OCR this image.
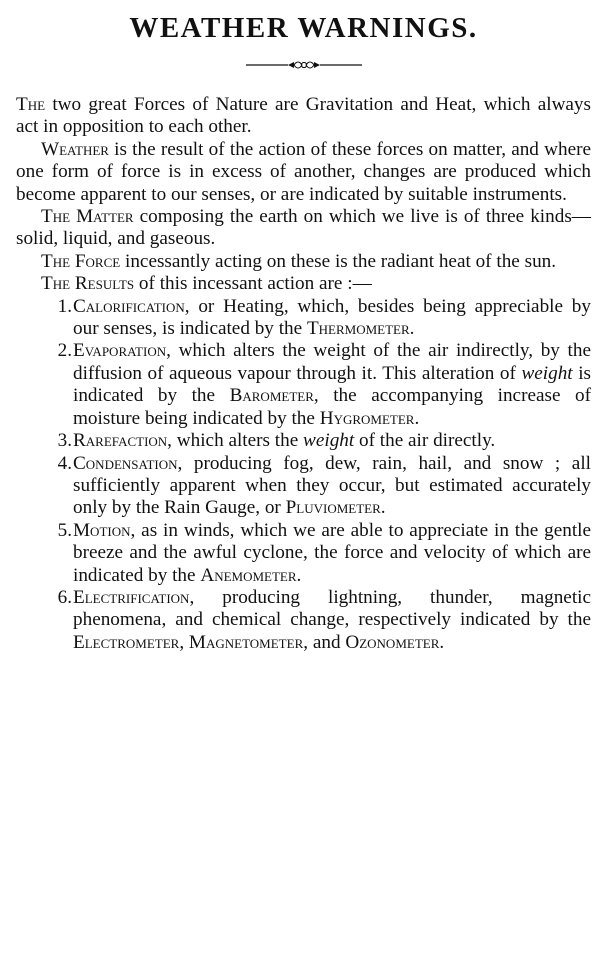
WEATHER WARNINGS.

The two great Forces of Nature are Gravitation and Heat, which always act in opposition to each other.

Weather is the result of the action of these forces on matter, and where one form of force is in excess of another, changes are produced which become apparent to our senses, or are indicated by suitable instruments.

The Matter composing the earth on which we live is of three kinds—solid, liquid, and gaseous.

The Force incessantly acting on these is the radiant heat of the sun.

The Results of this incessant action are :—

1. Calorification, or Heating, which, besides being appreciable by our senses, is indicated by the Thermometer.
2. Evaporation, which alters the weight of the air indirectly, by the diffusion of aqueous vapour through it. This alteration of weight is indicated by the Barometer, the accompanying increase of moisture being indicated by the Hygrometer.
3. Rarefaction, which alters the weight of the air directly.
4. Condensation, producing fog, dew, rain, hail, and snow ; all sufficiently apparent when they occur, but estimated accurately only by the Rain Gauge, or Pluviometer.
5. Motion, as in winds, which we are able to appreciate in the gentle breeze and the awful cyclone, the force and velocity of which are indicated by the Anemometer.
6. Electrification, producing lightning, thunder, magnetic phenomena, and chemical change, respectively indicated by the Electrometer, Magnetometer, and Ozonometer.
